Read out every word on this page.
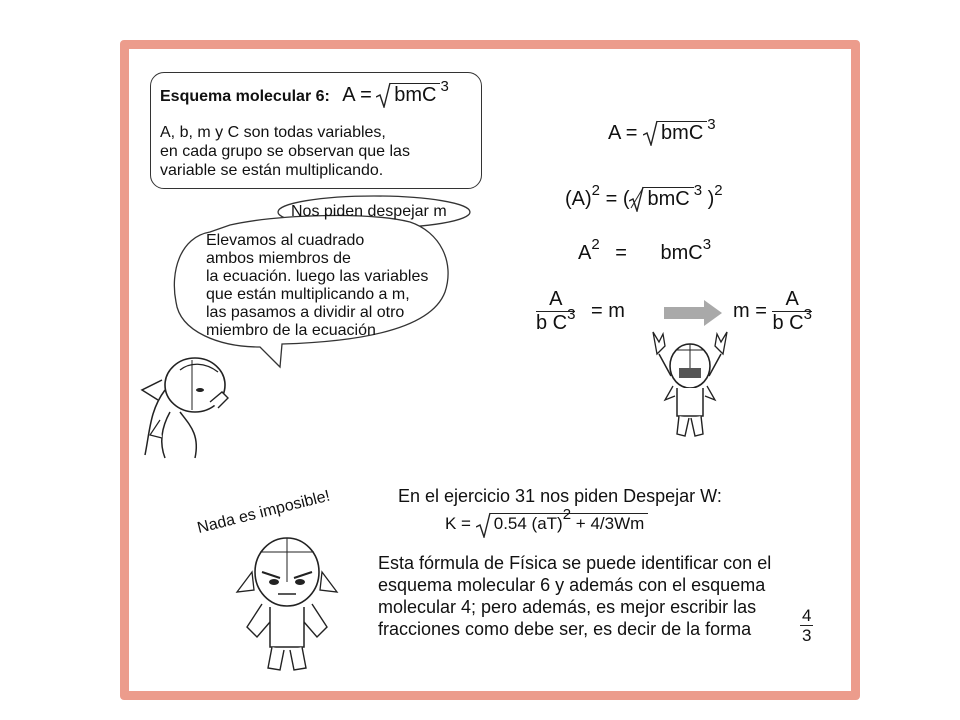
Esquema molecular 6: A = bmC $^3$
A, b, m y C son todas variables,
en cada grupo se observan que las
variable se están multiplicando.
Nos piden despejar m
Elevamos al cuadrado
ambos miembros de
la ecuación. luego las variables
que están multiplicando a m,
las pasamos a dividir al otro
miembro de la ecuación
A = bmC $^3$
$(A)^2$ = ( bmC $^3$ )$^2$
$A^2 = bmC^3$
$\frac{A}{b C^3} = m$	$m = \frac{A}{b C^3}$
Nada es imposible!	En el ejercicio 31 nos piden Despejar W:
K = 0.54 (aT)2 + 4/3Wm
Esta fórmula de Física se puede identificar con el
esquema molecular 6 y además con el esquema
molecular 4; pero además, es mejor escribir las
fracciones como debe ser, es decir de la forma	$\frac{4}{3}$
